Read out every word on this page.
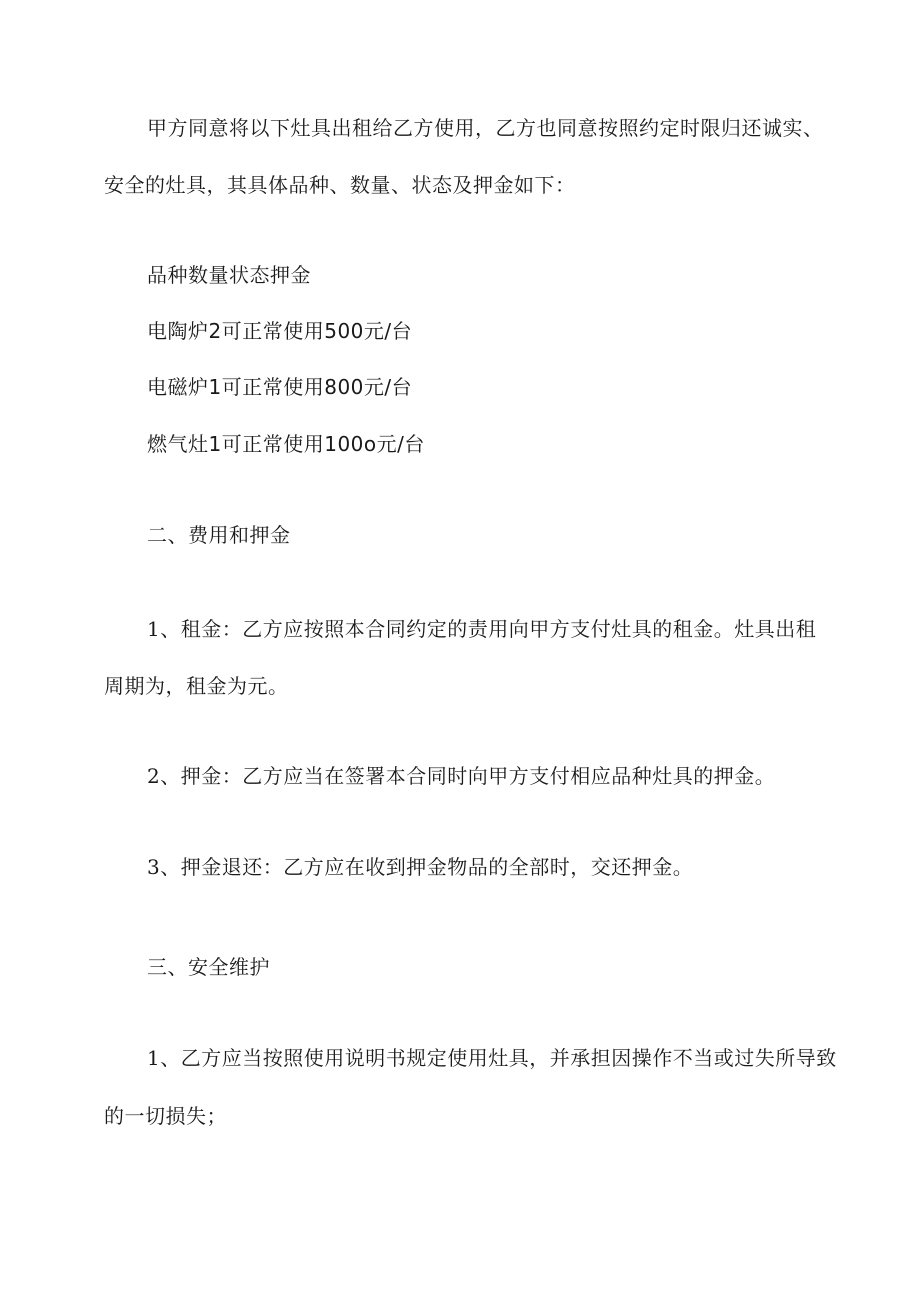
甲方同意将以下灶具出租给乙方使用，乙方也同意按照约定时限归还诚实、
安全的灶具，其具体品种、数量、状态及押金如下：
品种数量状态押金
电陶炉2可正常使用500元/台
电磁炉1可正常使用800元/台
燃气灶1可正常使用100o元/台
二、费用和押金
1、租金：乙方应按照本合同约定的责用向甲方支付灶具的租金。灶具出租
周期为，租金为元。
2、押金：乙方应当在签署本合同时向甲方支付相应品种灶具的押金。
3、押金退还：乙方应在收到押金物品的全部时，交还押金。
三、安全维护
1、乙方应当按照使用说明书规定使用灶具，并承担因操作不当或过失所导致
的一切损失；
